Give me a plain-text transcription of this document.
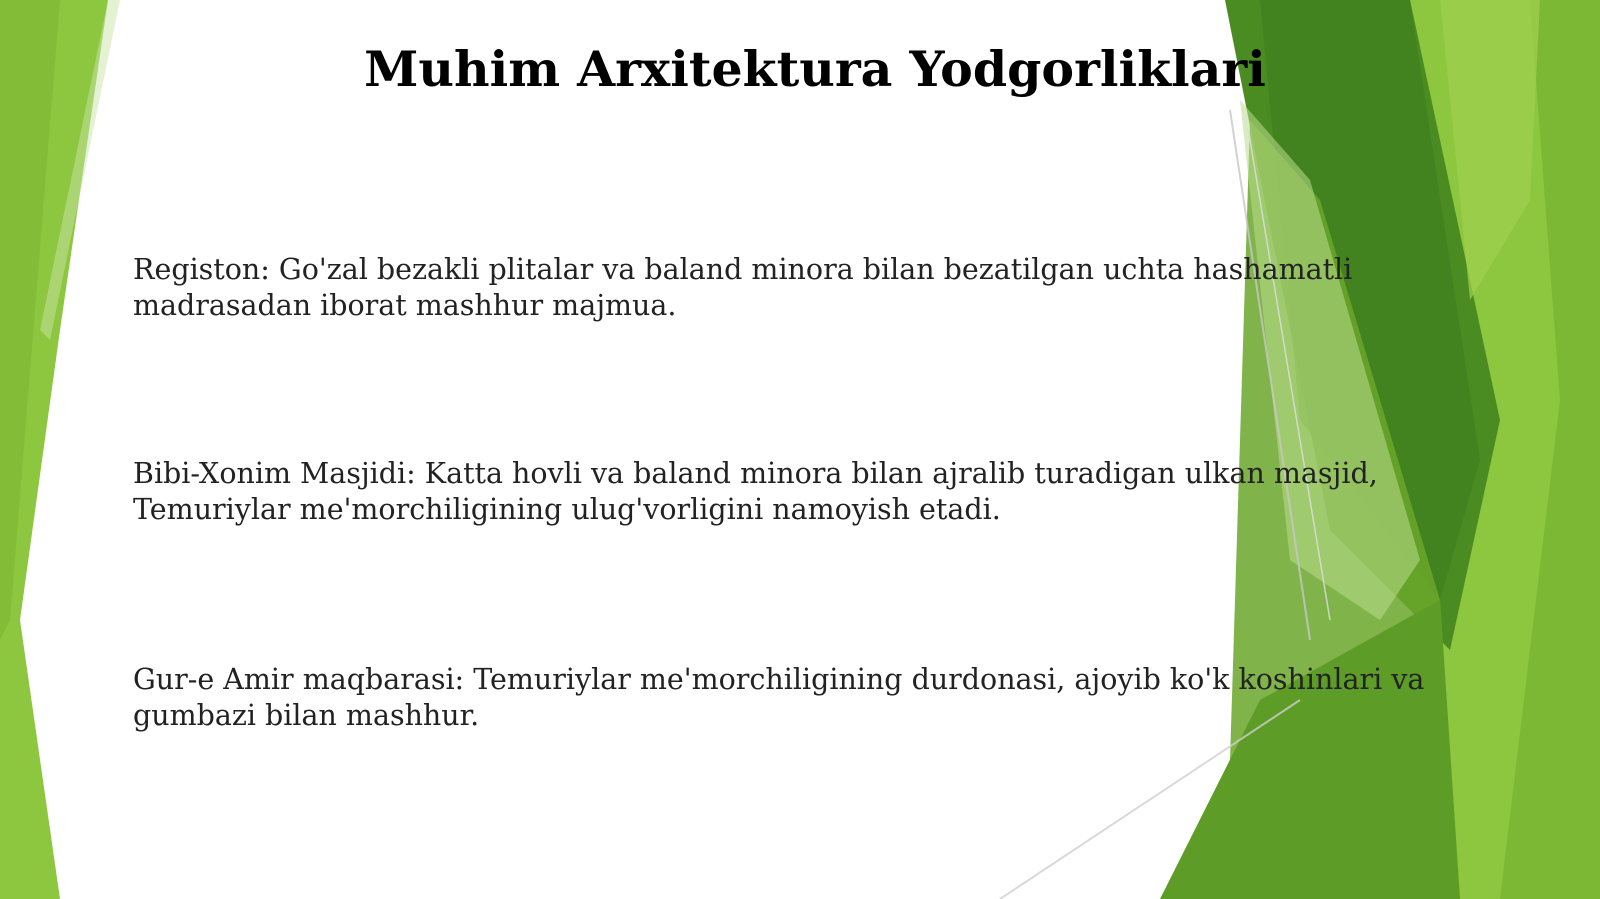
Muhim Arxitektura Yodgorliklari

Registon: Go'zal bezakli plitalar va baland minora bilan bezatilgan uchta hashamatli madrasadan iborat mashhur majmua.

Bibi-Xonim Masjidi: Katta hovli va baland minora bilan ajralib turadigan ulkan masjid, Temuriylar me'morchiligining ulug'vorligini namoyish etadi.

Gur-e Amir maqbarasi: Temuriylar me'morchiligining durdonasi, ajoyib ko'k koshinlari va gumbazi bilan mashhur.
